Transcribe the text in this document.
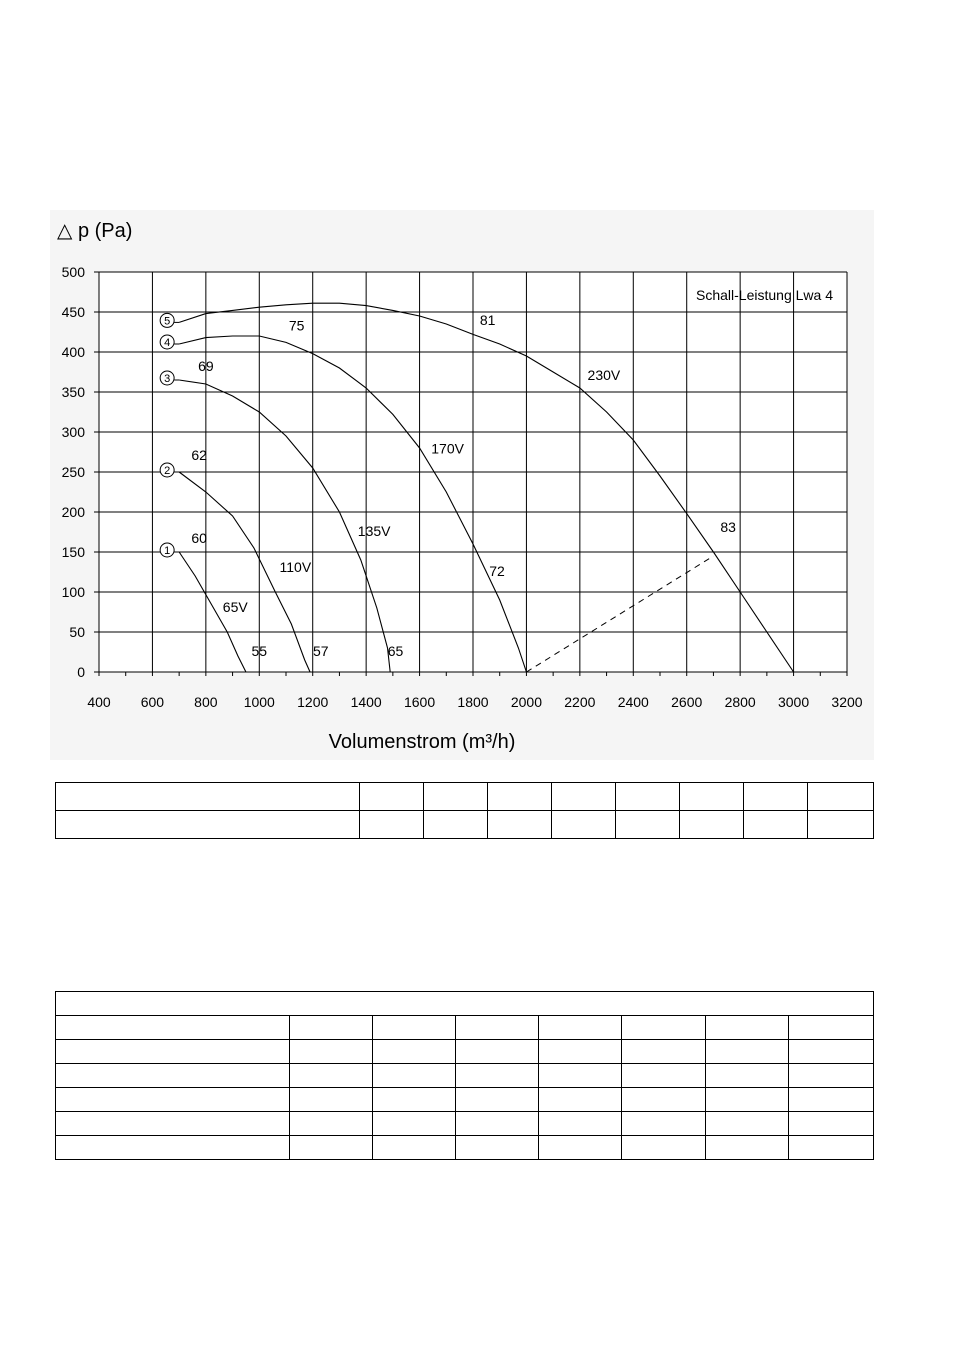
0
50
100
150
200
250
300
350
400
450
500
400 600 800 1000 1200 1400 1600 1800 2000 2200 2400 2600 2800 3000 3200
1
2
3
4
5
60
62
69
75	81
65V
110V
135V
170V
230V
55	57	65
72
83
△ p (Pa)
Volumenstrom (m³/h)
Schall-Leistung Lwa 4
